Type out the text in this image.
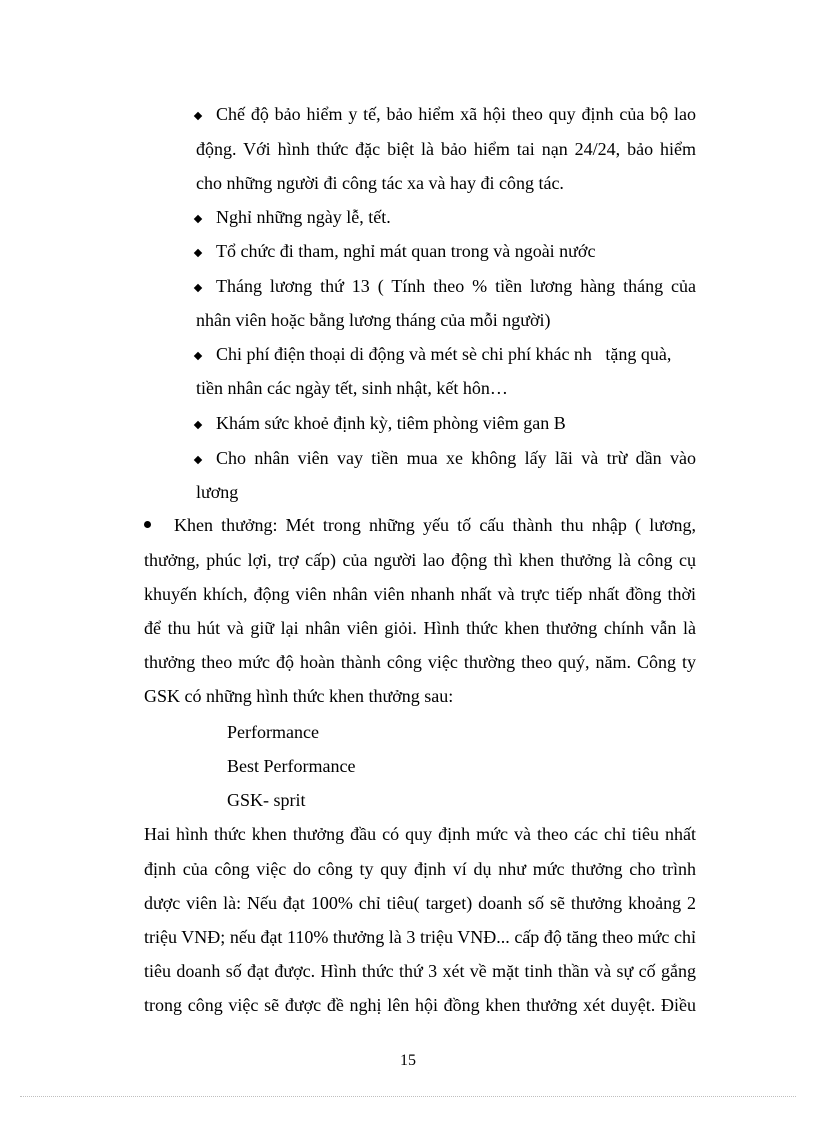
Chế độ bảo hiểm y tế, bảo hiểm xã hội theo quy định của bộ lao

động. Với hình thức đặc biệt là bảo hiểm tai nạn 24/24, bảo hiểm

cho những người đi công tác xa và hay đi công tác.

Nghỉ những ngày lễ, tết.

Tổ chức đi tham, nghỉ mát quan trong và ngoài nước

Tháng lương thứ 13 ( Tính theo % tiền lương hàng tháng của

nhân viên hoặc bằng lương tháng của mỗi người)

Chi phí điện thoại di động và mét sè chi phí khác nh   tặng quà,

tiền nhân các ngày tết, sinh nhật, kết hôn…

Khám sức khoẻ định kỳ, tiêm phòng viêm gan B

Cho nhân viên vay tiền mua xe không lấy lãi và trừ dần vào

lương

Khen thưởng: Mét trong những yếu tố cấu thành thu nhập ( lương,

thưởng, phúc lợi, trợ cấp) của người lao động thì khen thưởng là công cụ

khuyến khích, động viên nhân viên nhanh nhất và trực tiếp nhất đồng thời

để thu hút và giữ lại nhân viên giỏi. Hình thức khen thưởng chính vẫn là

thưởng theo mức độ hoàn thành công việc thường theo quý, năm. Công ty

GSK có những hình thức khen thưởng sau:

Performance

Best Performance

GSK- sprit

Hai hình thức khen thưởng đầu có quy định mức và theo các chỉ tiêu nhất

định của công việc do công ty quy định ví dụ như mức thưởng cho trình

dược viên là: Nếu đạt 100% chỉ tiêu( target) doanh số sẽ thưởng khoảng 2

triệu VNĐ; nếu đạt 110% thưởng là 3 triệu VNĐ... cấp độ tăng theo mức chỉ

tiêu doanh số đạt được. Hình thức thứ 3 xét về mặt tinh thần và sự cố gắng

trong công việc sẽ được đề nghị lên hội đồng khen thưởng xét duyệt. Điều

15
